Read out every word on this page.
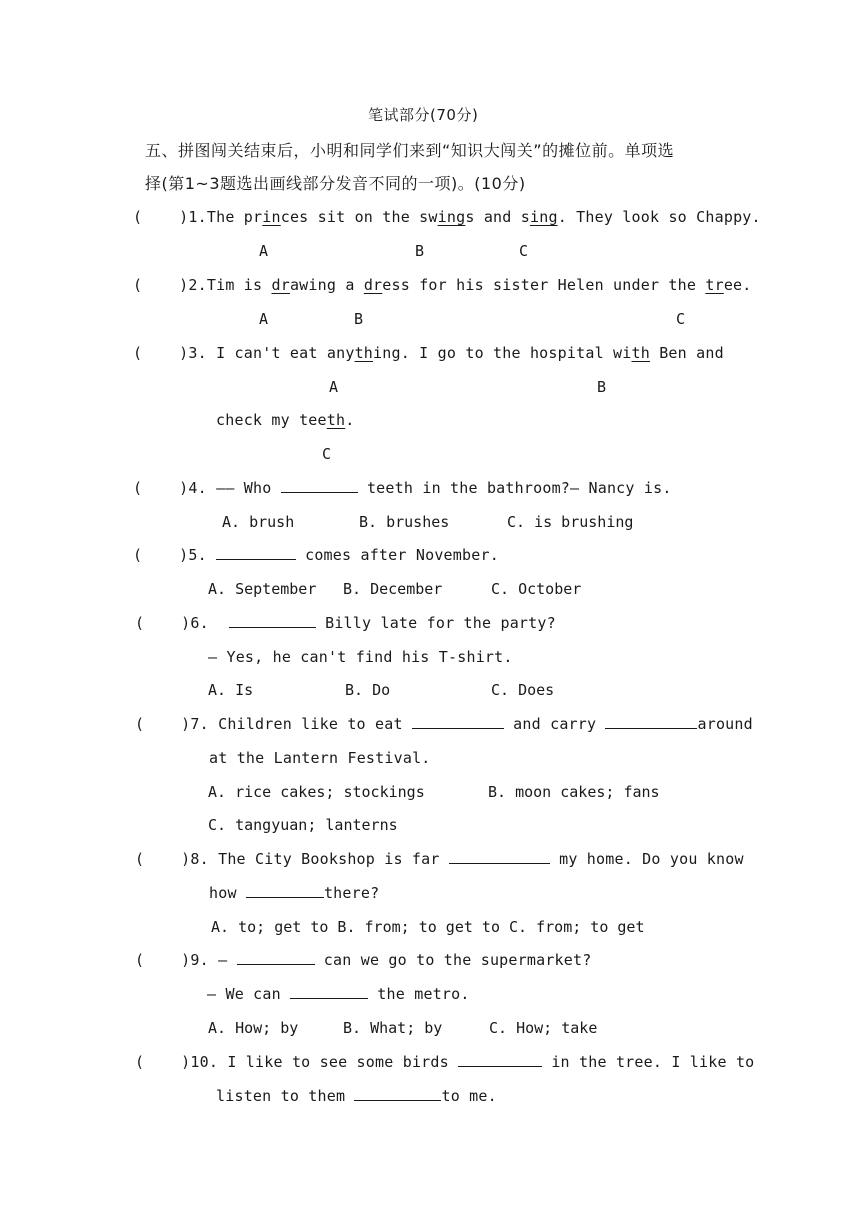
笔试部分(70分)
五、拼图闯关结束后，小明和同学们来到“知识大闯关”的摊位前。单项选
择(第1~3题选出画线部分发音不同的一项)。(10分)
(    )1.The princes sit on the swings and sing. They look so Chappy.
A	B	C
(    )2.Tim is drawing a dress for his sister Helen under the tree.
A	B	C
(    )3. I can't eat anything. I go to the hospital with Ben and
A	B
check my teeth.
C
(    )4. —— Who	teeth in the bathroom?— Nancy is.
A. brush	B. brushes	C. is brushing
(    )5.	comes after November.
A. September B. December	C. October
(    )6.	Billy late for the party?
— Yes, he can't find his T-shirt.
A. Is	B. Do	C. Does
(    )7. Children like to eat	and carry	around
at the Lantern Festival.
A. rice cakes; stockings	B. moon cakes; fans
C. tangyuan; lanterns
(    )8. The City Bookshop is far	my home. Do you know
how	there?
A. to; get to B. from; to get to C. from; to get
(    )9. —	can we go to the supermarket?
— We can	the metro.
A. How; by	B. What; by	C. How; take
(    )10. I like to see some birds	in the tree. I like to
listen to them	to me.
